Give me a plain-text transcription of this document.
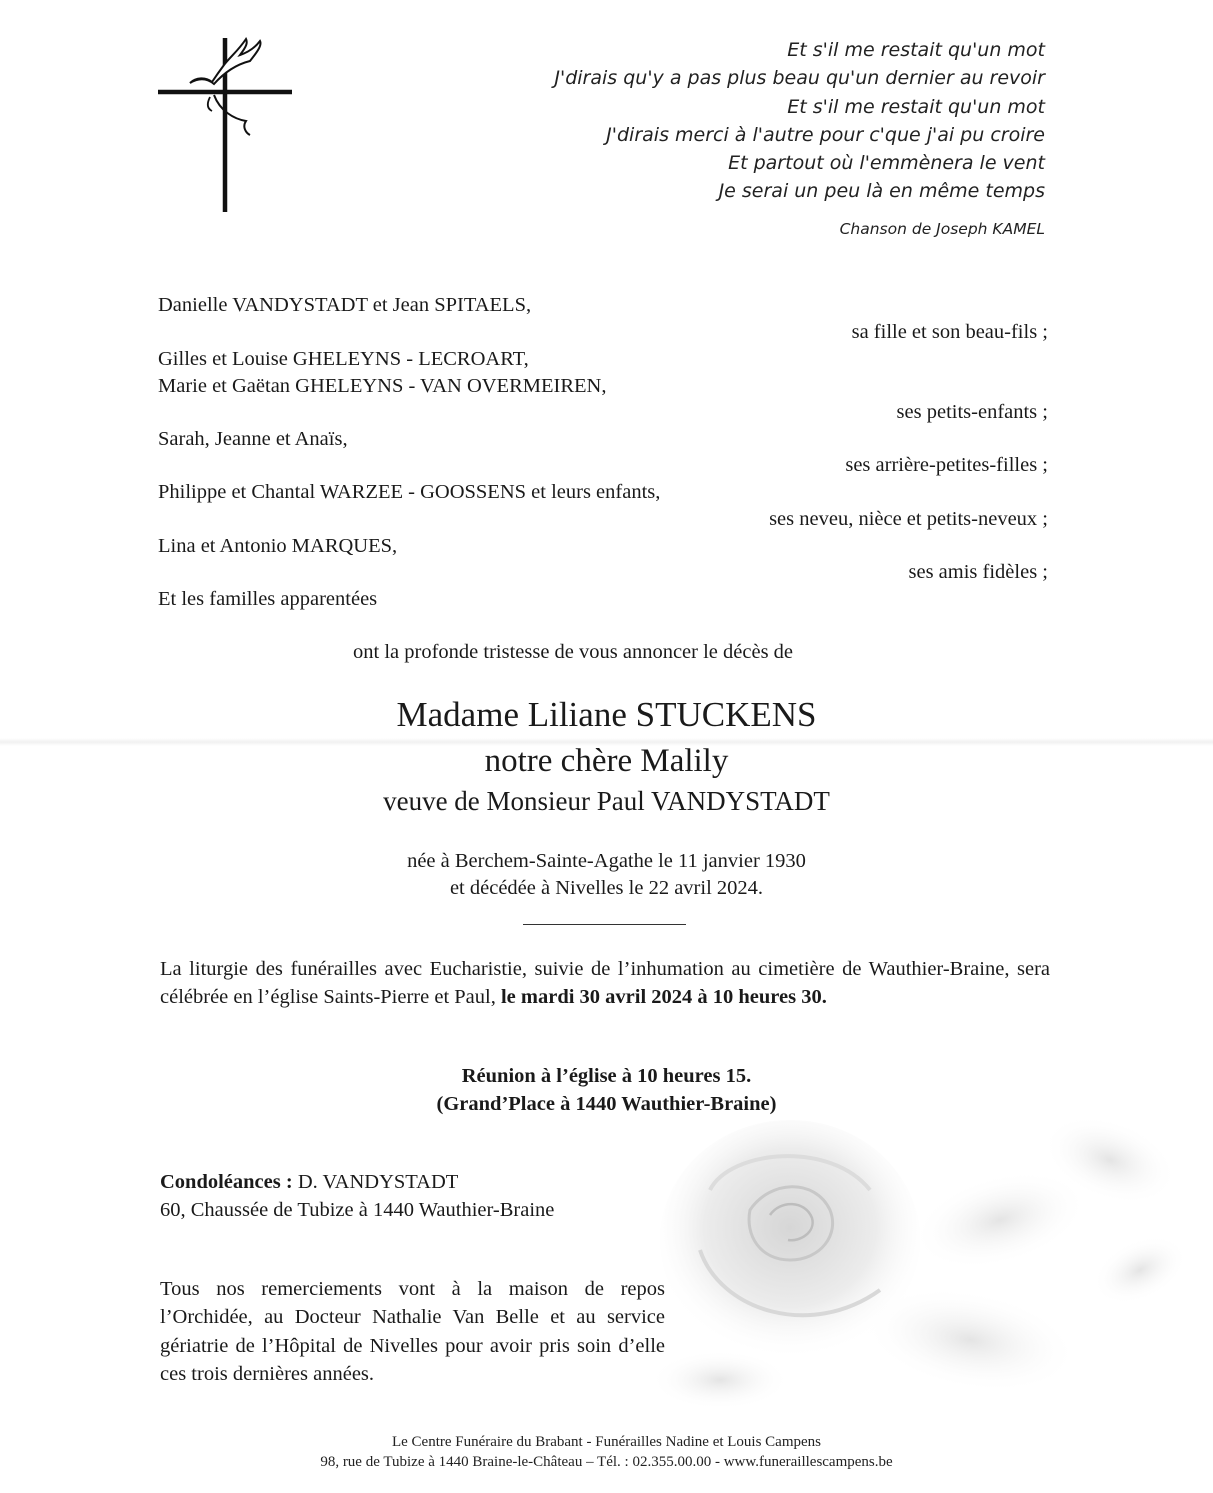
Et s'il me restait qu'un mot
J'dirais qu'y a pas plus beau qu'un dernier au revoir
Et s'il me restait qu'un mot
J'dirais merci à l'autre pour c'que j'ai pu croire
Et partout où l'emmènera le vent
Je serai un peu là en même temps
Chanson de Joseph KAMEL
Danielle VANDYSTADT et Jean SPITAELS,
sa fille et son beau-fils ;
Gilles et Louise GHELEYNS - LECROART,
Marie et Gaëtan GHELEYNS - VAN OVERMEIREN,
ses petits-enfants ;
Sarah, Jeanne et Anaïs,
ses arrière-petites-filles ;
Philippe et Chantal WARZEE - GOOSSENS et leurs enfants,
ses neveu, nièce et petits-neveux ;
Lina et Antonio MARQUES,
ses amis fidèles ;
Et les familles apparentées
ont la profonde tristesse de vous annoncer le décès de
Madame Liliane STUCKENS
notre chère Malily
veuve de Monsieur Paul VANDYSTADT
née à Berchem-Sainte-Agathe le 11 janvier 1930
et décédée à Nivelles le 22 avril 2024.
La liturgie des funérailles avec Eucharistie, suivie de l’inhumation au cimetière de Wauthier-Braine, sera célébrée en l’église Saints-Pierre et Paul, le mardi 30 avril 2024 à 10 heures 30.
Réunion à l’église à 10 heures 15.
(Grand’Place à 1440 Wauthier-Braine)
Condoléances : D. VANDYSTADT
60, Chaussée de Tubize à 1440 Wauthier-Braine
Tous nos remerciements vont à la maison de repos l’Orchidée, au Docteur Nathalie Van Belle et au service gériatrie de l’Hôpital de Nivelles pour avoir pris soin d’elle ces trois dernières années.
Le Centre Funéraire du Brabant - Funérailles Nadine et Louis Campens
98, rue de Tubize à 1440 Braine-le-Château – Tél. : 02.355.00.00 - www.funeraillescampens.be
